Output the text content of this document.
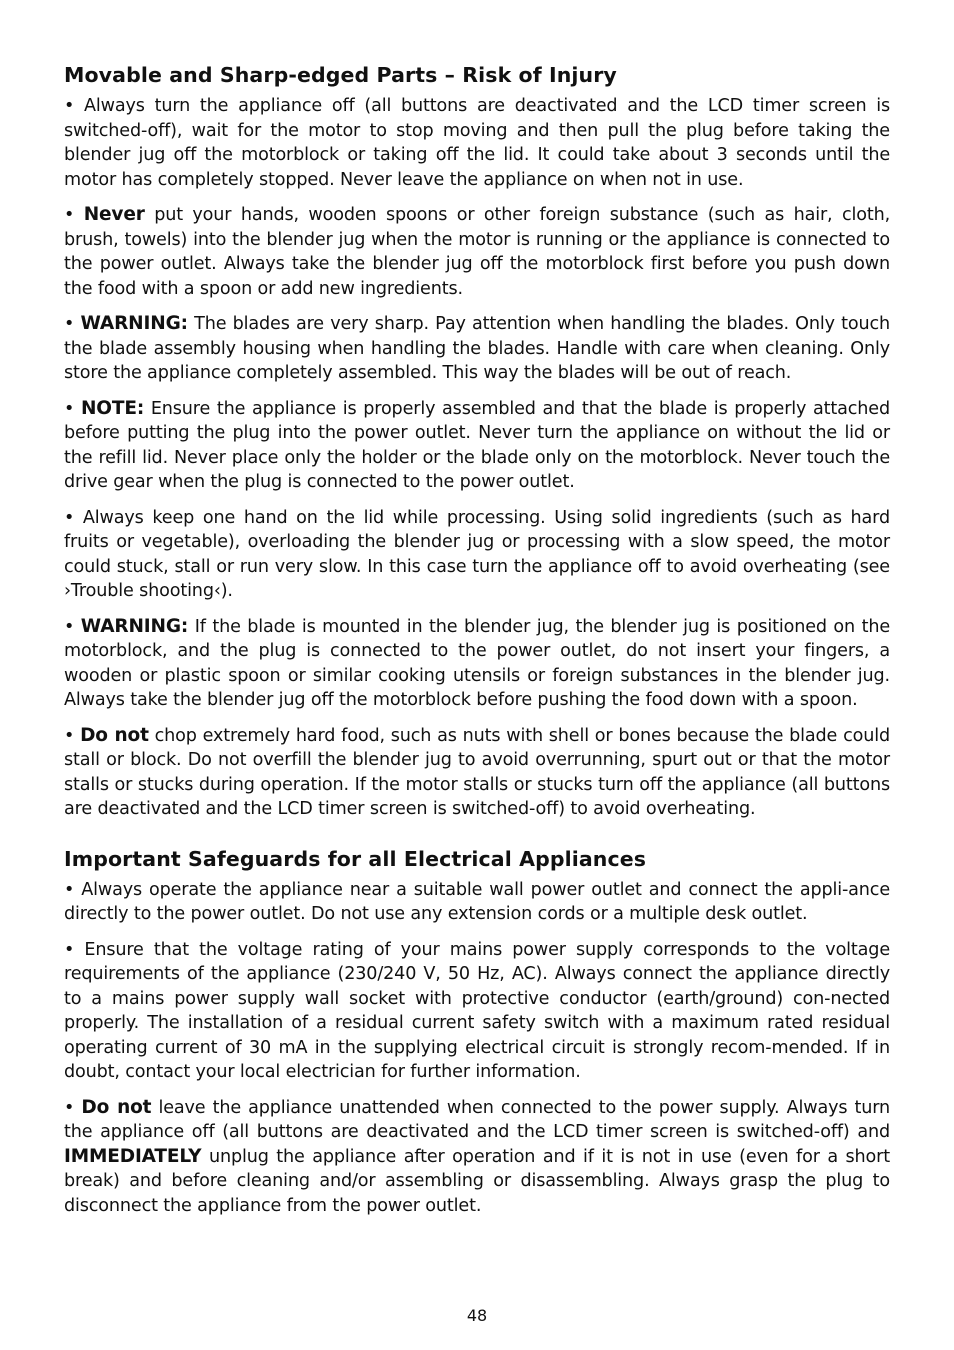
Movable and Sharp-edged Parts – Risk of Injury

• Always turn the appliance off (all buttons are deactivated and the LCD timer screen is switched-off), wait for the motor to stop moving and then pull the plug before taking the blender jug off the motorblock or taking off the lid. It could take about 3 seconds until the motor has completely stopped. Never leave the appliance on when not in use.

• Never put your hands, wooden spoons or other foreign substance (such as hair, cloth, brush, towels) into the blender jug when the motor is running or the appliance is connected to the power outlet. Always take the blender jug off the motorblock first before you push down the food with a spoon or add new ingredients.

• WARNING: The blades are very sharp. Pay attention when handling the blades. Only touch the blade assembly housing when handling the blades. Handle with care when cleaning. Only store the appliance completely assembled. This way the blades will be out of reach.

• NOTE: Ensure the appliance is properly assembled and that the blade is properly attached before putting the plug into the power outlet. Never turn the appliance on without the lid or the refill lid. Never place only the holder or the blade only on the motorblock. Never touch the drive gear when the plug is connected to the power outlet.

• Always keep one hand on the lid while processing. Using solid ingredients (such as hard fruits or vegetable), overloading the blender jug or processing with a slow speed, the motor could stuck, stall or run very slow. In this case turn the appliance off to avoid overheating (see ›Trouble shooting‹).

• WARNING: If the blade is mounted in the blender jug, the blender jug is positioned on the motorblock, and the plug is connected to the power outlet, do not insert your fingers, a wooden or plastic spoon or similar cooking utensils or foreign substances in the blender jug. Always take the blender jug off the motorblock before pushing the food down with a spoon.

• Do not chop extremely hard food, such as nuts with shell or bones because the blade could stall or block. Do not overfill the blender jug to avoid overrunning, spurt out or that the motor stalls or stucks during operation. If the motor stalls or stucks turn off the appliance (all buttons are deactivated and the LCD timer screen is switched-off) to avoid overheating.

Important Safeguards for all Electrical Appliances

• Always operate the appliance near a suitable wall power outlet and connect the appli-ance directly to the power outlet. Do not use any extension cords or a multiple desk outlet.

• Ensure that the voltage rating of your mains power supply corresponds to the voltage requirements of the appliance (230/240 V, 50 Hz, AC). Always connect the appliance directly to a mains power supply wall socket with protective conductor (earth/ground) con-nected properly. The installation of a residual current safety switch with a maximum rated residual operating current of 30 mA in the supplying electrical circuit is strongly recom-mended. If in doubt, contact your local electrician for further information.

• Do not leave the appliance unattended when connected to the power supply. Always turn the appliance off (all buttons are deactivated and the LCD timer screen is switched-off) and IMMEDIATELY unplug the appliance after operation and if it is not in use (even for a short break) and before cleaning and/or assembling or disassembling. Always grasp the plug to disconnect the appliance from the power outlet.

48
